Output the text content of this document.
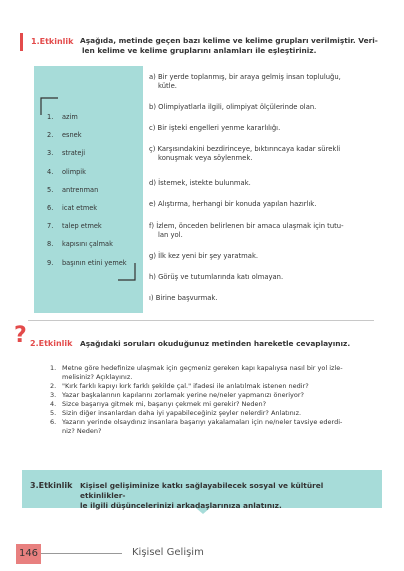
1.Etkinlik Aşağıda, metinde geçen bazı kelime ve kelime grupları verilmiştir. Veri-
len kelime ve kelime gruplarını anlamları ile eşleştiriniz.
1. azim
2. esnek
3. strateji
4. olimpik
5. antrenman
6. icat etmek
7. talep etmek
8. kapısını çalmak
9. başının etini yemek
a) Bir yerde toplanmış, bir araya gelmiş insan topluluğu,
kütle.
b) Olimpiyatlarla ilgili, olimpiyat ölçülerinde olan.
c) Bir işteki engelleri yenme kararlılığı.
ç) Karşısındakini bezdirinceye, bıktırıncaya kadar sürekli
konuşmak veya söylenmek.
d) İstemek, istekte bulunmak.
e) Alıştırma, herhangi bir konuda yapılan hazırlık.
f) İzlem, önceden belirlenen bir amaca ulaşmak için tutu-
lan yol.
g) İlk kez yeni bir şey yaratmak.
h) Görüş ve tutumlarında katı olmayan.
ı) Birine başvurmak.
? 2.Etkinlik Aşağıdaki soruları okuduğunuz metinden hareketle cevaplayınız.
1. Metne göre hedefinize ulaşmak için geçmeniz gereken kapı kapalıysa nasıl bir yol izle-
melisiniz? Açıklayınız.
2. "Kırk farklı kapıyı kırk farklı şekilde çal." ifadesi ile anlatılmak istenen nedir?
3. Yazar başkalarının kapılarını zorlamak yerine ne/neler yapmanızı öneriyor?
4. Sizce başarıya gitmek mi, başarıyı çekmek mi gerekir? Neden?
5. Sizin diğer insanlardan daha iyi yapabileceğiniz şeyler nelerdir? Anlatınız.
6. Yazarın yerinde olsaydınız insanlara başarıyı yakalamaları için ne/neler tavsiye ederdi-
niz? Neden?
3.Etkinlik Kişisel gelişiminize katkı sağlayabilecek sosyal ve kültürel etkinlikler-
le ilgili düşüncelerinizi arkadaşlarınıza anlatınız.
146	Kişisel Gelişim
